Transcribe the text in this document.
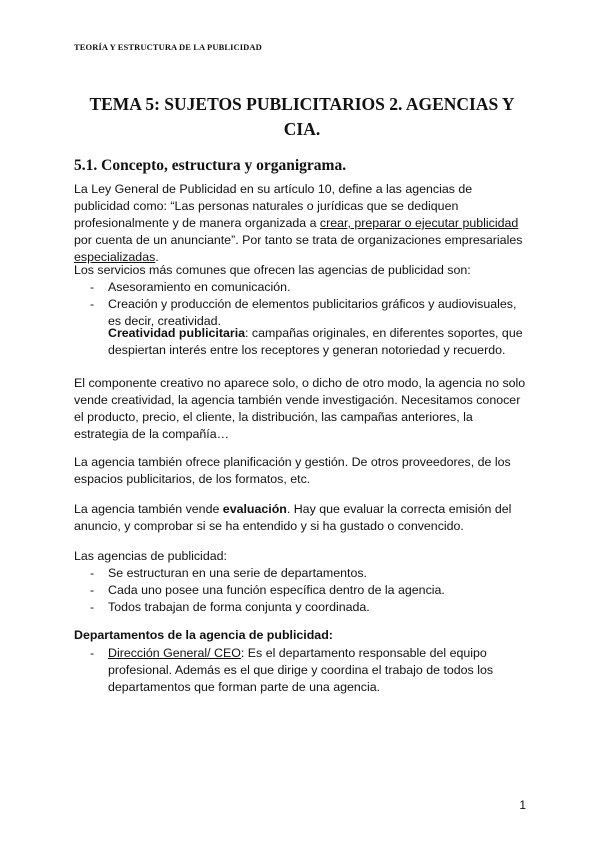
TEORÍA Y ESTRUCTURA DE LA PUBLICIDAD
TEMA 5: SUJETOS PUBLICITARIOS 2. AGENCIAS Y CIA.
5.1. Concepto, estructura y organigrama.
La Ley General de Publicidad en su artículo 10, define a las agencias de publicidad como: “Las personas naturales o jurídicas que se dediquen profesionalmente y de manera organizada a crear, preparar o ejecutar publicidad por cuenta de un anunciante”. Por tanto se trata de organizaciones empresariales especializadas.
Los servicios más comunes que ofrecen las agencias de publicidad son:
-	Asesoramiento en comunicación.
-	Creación y producción de elementos publicitarios gráficos y audiovisuales, es decir, creatividad.
Creatividad publicitaria: campañas originales, en diferentes soportes, que despiertan interés entre los receptores y generan notoriedad y recuerdo.
El componente creativo no aparece solo, o dicho de otro modo, la agencia no solo vende creatividad, la agencia también vende investigación. Necesitamos conocer el producto, precio, el cliente, la distribución, las campañas anteriores, la estrategia de la compañía…
La agencia también ofrece planificación y gestión. De otros proveedores, de los espacios publicitarios, de los formatos, etc.
La agencia también vende evaluación. Hay que evaluar la correcta emisión del anuncio, y comprobar si se ha entendido y si ha gustado o convencido.
Las agencias de publicidad:
-	Se estructuran en una serie de departamentos.
-	Cada uno posee una función específica dentro de la agencia.
-	Todos trabajan de forma conjunta y coordinada.
Departamentos de la agencia de publicidad:
-	Dirección General/ CEO: Es el departamento responsable del equipo profesional. Además es el que dirige y coordina el trabajo de todos los departamentos que forman parte de una agencia.
1
